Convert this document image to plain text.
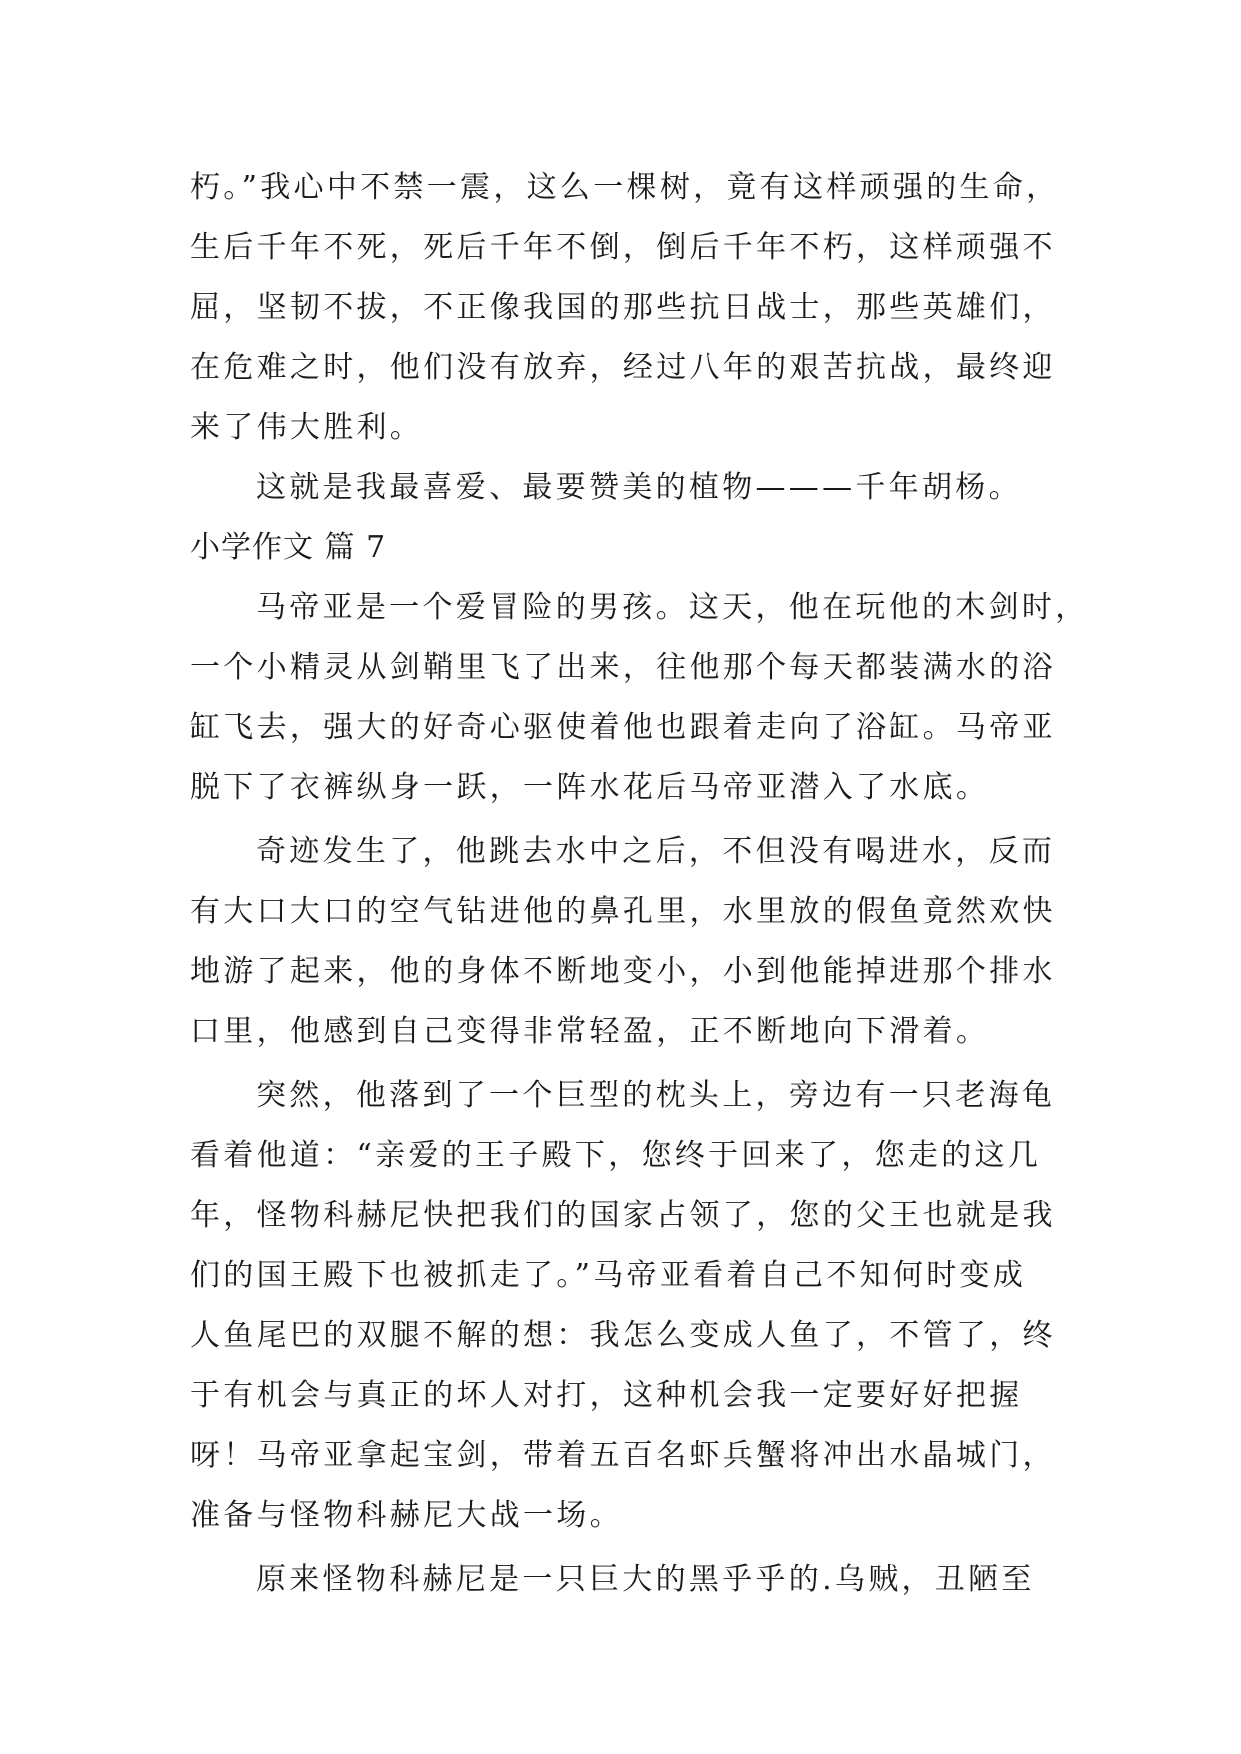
朽。”我心中不禁一震，这么一棵树，竟有这样顽强的生命，
生后千年不死，死后千年不倒，倒后千年不朽，这样顽强不
屈，坚韧不拔，不正像我国的那些抗日战士，那些英雄们，
在危难之时，他们没有放弃，经过八年的艰苦抗战，最终迎
来了伟大胜利。
这就是我最喜爱、最要赞美的植物———千年胡杨。
小学作文 篇 7
马帝亚是一个爱冒险的男孩。这天，他在玩他的木剑时，
一个小精灵从剑鞘里飞了出来，往他那个每天都装满水的浴
缸飞去，强大的好奇心驱使着他也跟着走向了浴缸。马帝亚
脱下了衣裤纵身一跃，一阵水花后马帝亚潜入了水底。
奇迹发生了，他跳去水中之后，不但没有喝进水，反而
有大口大口的空气钻进他的鼻孔里，水里放的假鱼竟然欢快
地游了起来，他的身体不断地变小，小到他能掉进那个排水
口里，他感到自己变得非常轻盈，正不断地向下滑着。
突然，他落到了一个巨型的枕头上，旁边有一只老海龟
看着他道：“亲爱的王子殿下，您终于回来了，您走的这几
年，怪物科赫尼快把我们的国家占领了，您的父王也就是我
们的国王殿下也被抓走了。”马帝亚看着自己不知何时变成
人鱼尾巴的双腿不解的想：我怎么变成人鱼了，不管了，终
于有机会与真正的坏人对打，这种机会我一定要好好把握
呀！马帝亚拿起宝剑，带着五百名虾兵蟹将冲出水晶城门，
准备与怪物科赫尼大战一场。
原来怪物科赫尼是一只巨大的黑乎乎的.乌贼，丑陋至
